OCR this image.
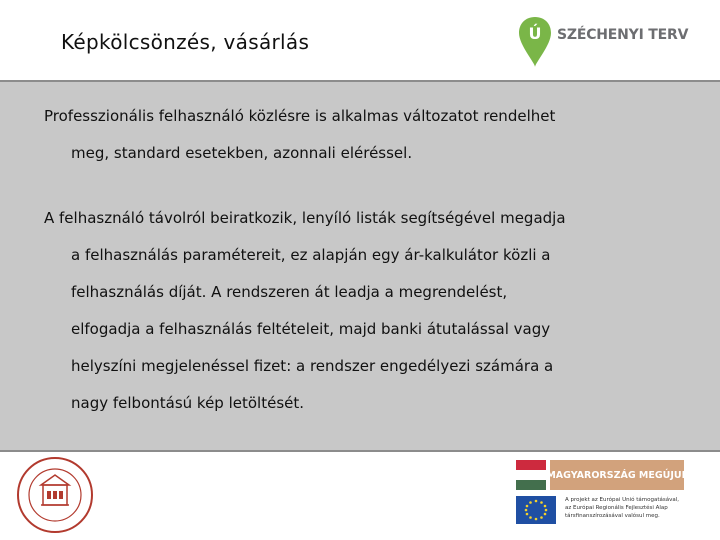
Képkölcsönzés, vásárlás	Ú SZÉCHENYI TERV

Professzionális felhasználó közlésre is alkalmas változatot rendelhet
meg, standard esetekben, azonnali eléréssel.

A felhasználó távolról beiratkozik, lenyíló listák segítségével megadja
a felhasználás paramétereit, ez alapján egy ár-kalkulátor közli a
felhasználás díját. A rendszeren át leadja a megrendelést,
elfogadja a felhasználás feltételeit, majd banki átutalással vagy
helyszíni megjelenéssel fizet: a rendszer engedélyezi számára a
nagy felbontású kép letöltését.

MAGYARORSZÁG MEGÚJUL
A projekt az Európai Unió támogatásával,
az Európai Regionális Fejlesztési Alap
társfinanszírozásával valósul meg.
